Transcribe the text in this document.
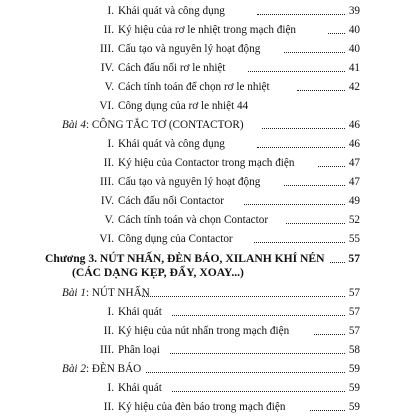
I. Khái quát và công dụng	39
II. Ký hiệu của rơ le nhiệt trong mạch điện	40
III. Cấu tạo và nguyên lý hoạt động	40
IV. Cách đấu nối rơ le nhiệt	41
V. Cách tính toán để chọn rơ le nhiệt	42
VI. Công dụng của rơ le nhiệt 44
Bài 4: CÔNG TẮC TƠ (CONTACTOR)	46
I. Khái quát và công dụng	46
II. Ký hiệu của Contactor trong mạch điện	47
III. Cấu tạo và nguyên lý hoạt động	47
IV. Cách đấu nối Contactor	49
V. Cách tính toán và chọn Contactor	52
VI. Công dụng của Contactor	55
Chương 3. NÚT NHẤN, ĐÈN BÁO, XILANH KHÍ NÉN 57
(CÁC DẠNG KẸP, ĐẨY, XOAY...)
Bài 1: NÚT NHẤN	57
I. Khái quát	57
II. Ký hiệu của nút nhấn trong mạch điện	57
III. Phân loại	58
Bài 2: ĐÈN BÁO	59
I. Khái quát	59
II. Ký hiệu của đèn báo trong mạch điện	59
